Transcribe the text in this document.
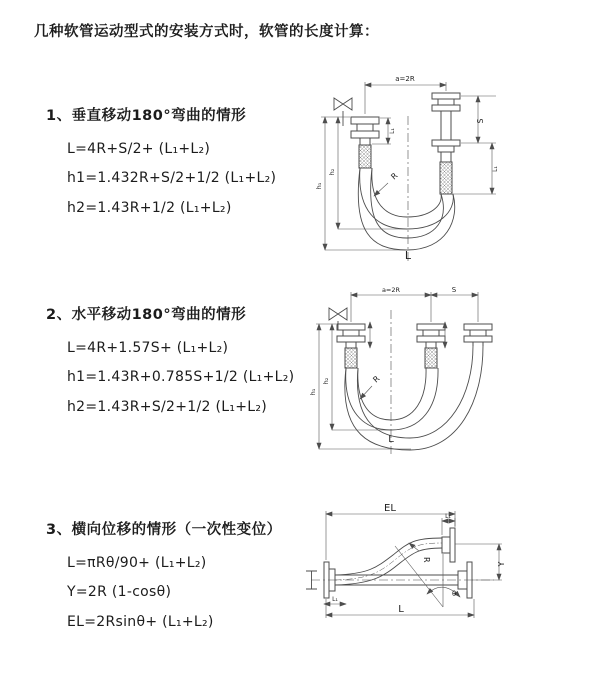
几种软管运动型式的安装方式时，软管的长度计算：
1、垂直移动180°弯曲的情形
L=4R+S/2+ (L₁+L₂)
h1=1.432R+S/2+1/2 (L₁+L₂)
h2=1.43R+1/2 (L₁+L₂)
2、水平移动180°弯曲的情形
L=4R+1.57S+ (L₁+L₂)
h1=1.43R+0.785S+1/2 (L₁+L₂)
h2=1.43R+S/2+1/2 (L₁+L₂)
3、横向位移的情形（一次性变位）
L=πRθ/90+ (L₁+L₂)
Y=2R (1-cosθ)
EL=2Rsinθ+ (L₁+L₂)
a=2R
S
L₁
L₁
h₁
h₂	R
L
a=2R	S
h₁
h₂	R
L
EL
L₁
Y
R
θ
L
L₁
